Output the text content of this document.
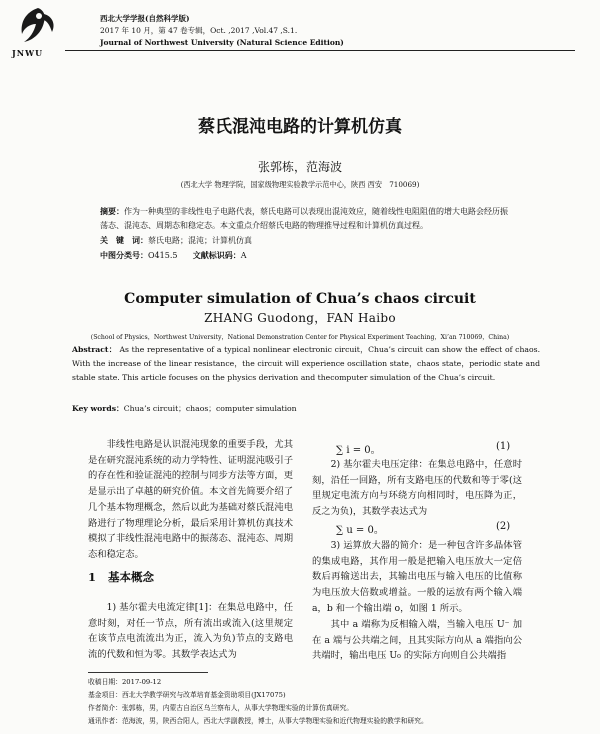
JNWU
西北大学学报(自然科学版)
2017 年 10 月，第 47 卷专辑，Oct. ,2017 ,Vol.47 ,S.1.
Journal of Northwest University (Natural Science Edition)
蔡氏混沌电路的计算机仿真
张郭栋，范海波
(西北大学 物理学院，国家级物理实验教学示范中心，陕西 西安　710069)
摘要：作为一种典型的非线性电子电路代表，蔡氏电路可以表现出混沌效应，随着线性电阻阻值的增大电路会经历振荡态、混沌态、周期态和稳定态。本文重点介绍蔡氏电路的物理推导过程和计算机仿真过程。
关　键　词：蔡氏电路；混沌；计算机仿真
中图分类号：O415.5 文献标识码：A
Computer simulation of Chua’s chaos circuit
ZHANG Guodong，FAN Haibo
(School of Physics，Northwest University，National Demonstration Center for Physical Experiment Teaching，Xi’an 710069，China)
Abstract： As the representative of a typical nonlinear electronic circuit，Chua’s circuit can show the effect of chaos. With the increase of the linear resistance，the circuit will experience oscillation state，chaos state，periodic state and stable state. This article focuses on the physics derivation and thecomputer simulation of the Chua’s circuit.
Key words：Chua’s circuit；chaos；computer simulation
非线性电路是认识混沌现象的重要手段，尤其是在研究混沌系统的动力学特性、证明混沌吸引子的存在性和验证混沌的控制与同步方法等方面，更是显示出了卓越的研究价值。本文首先简要介绍了几个基本物理概念，然后以此为基础对蔡氏混沌电路进行了物理理论分析，最后采用计算机仿真技术模拟了非线性混沌电路中的振荡态、混沌态、周期态和稳定态。
1 基本概念
1) 基尔霍夫电流定律[1]：在集总电路中，任意时刻，对任一节点，所有流出或流入(这里规定在该节点电流流出为正，流入为负)节点的支路电流的代数和恒为零。其数学表达式为
∑ i = 0。	(1)
2) 基尔霍夫电压定律：在集总电路中，任意时刻，沿任一回路，所有支路电压的代数和等于零(这里规定电流方向与环绕方向相同时，电压降为正，反之为负)，其数学表达式为
∑ u = 0。	(2)
3) 运算放大器的简介：是一种包含许多晶体管的集成电路，其作用一般是把输入电压放大一定倍数后再输送出去，其输出电压与输入电压的比值称为电压放大倍数或增益。一般的运放有两个输入端 a，b 和一个输出端 o，如图 1 所示。
其中 a 端称为反相输入端，当输入电压 U⁻ 加在 a 端与公共端之间，且其实际方向从 a 端指向公共端时，输出电压 U₀ 的实际方向则自公共端指
收稿日期：2017-09-12
基金项目：西北大学教学研究与改革培育基金资助项目(JX17075)
作者简介：张郭栋，男，内蒙古自治区乌兰察布人，从事大学物理实验的计算仿真研究。
通讯作者：范海波，男，陕西合阳人，西北大学副教授，博士，从事大学物理实验和近代物理实验的教学和研究。
